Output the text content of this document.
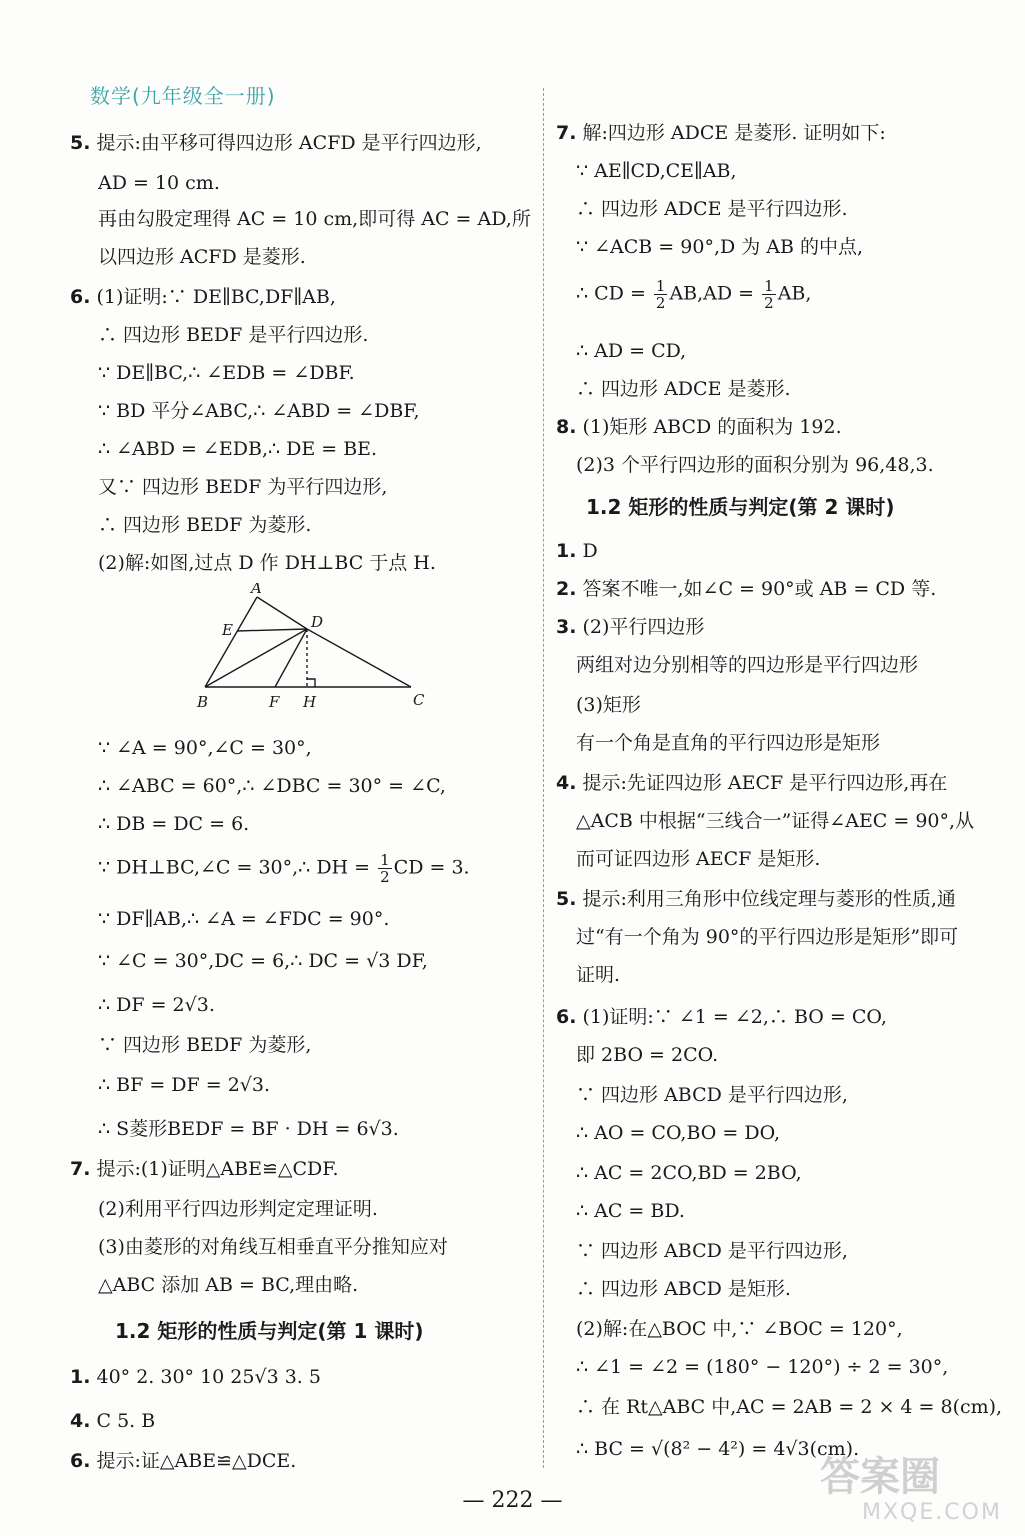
数学(九年级全一册)
∵ DH⊥BC,∠C = 30°,∴ DH = $\frac{1}{2}$ CD = 3.
1.2 矩形的性质与判定(第 1 课时)
5. 提示:由平移可得四边形 ACFD 是平行四边形,
AD = 10 cm.
再由勾股定理得 AC = 10 cm,即可得 AC = AD,所
以四边形 ACFD 是菱形.
6. (1)证明:∵ DE∥BC,DF∥AB,
∴ 四边形 BEDF 是平行四边形.
∵ DE∥BC,∴ ∠EDB = ∠DBF.
∵ BD 平分∠ABC,∴ ∠ABD = ∠DBF,
∴ ∠ABD = ∠EDB,∴ DE = BE.
又∵ 四边形 BEDF 为平行四边形,
∴ 四边形 BEDF 为菱形.
(2)解:如图,过点 D 作 DH⊥BC 于点 H.
∵ ∠A = 90°,∠C = 30°,
∴ ∠ABC = 60°,∴ ∠DBC = 30° = ∠C,
∴ DB = DC = 6.
∵ DF∥AB,∴ ∠A = ∠FDC = 90°.
∵ ∠C = 30°,DC = 6,∴ DC = √3 DF,
∴ DF = 2√3.
∵ 四边形 BEDF 为菱形,
∴ BF = DF = 2√3.
∴ S菱形BEDF = BF · DH = 6√3.
7. 提示:(1)证明△ABE≌△CDF.
(2)利用平行四边形判定定理证明.
(3)由菱形的对角线互相垂直平分推知应对
△ABC 添加 AB = BC,理由略.
1. 40° 2. 30° 10 25√3 3. 5
4. C 5. B
6. 提示:证△ABE≌△DCE.
∴ CD = $\frac{1}{2} AB,AD = \frac{1}{2}$ AB,
1.2 矩形的性质与判定(第 2 课时)
7. 解:四边形 ADCE 是菱形. 证明如下:
∵ AE∥CD,CE∥AB,
∴ 四边形 ADCE 是平行四边形.
∵ ∠ACB = 90°,D 为 AB 的中点,
∴ AD = CD,
∴ 四边形 ADCE 是菱形.
8. (1)矩形 ABCD 的面积为 192.
(2)3 个平行四边形的面积分别为 96,48,3.
1. D
2. 答案不唯一,如∠C = 90°或 AB = CD 等.
3. (2)平行四边形
两组对边分别相等的四边形是平行四边形
(3)矩形
有一个角是直角的平行四边形是矩形
4. 提示:先证四边形 AECF 是平行四边形,再在
△ACB 中根据“三线合一”证得∠AEC = 90°,从
而可证四边形 AECF 是矩形.
5. 提示:利用三角形中位线定理与菱形的性质,通
过“有一个角为 90°的平行四边形是矩形”即可
证明.
6. (1)证明:∵ ∠1 = ∠2,∴ BO = CO,
即 2BO = 2CO.
∵ 四边形 ABCD 是平行四边形,
∴ AO = CO,BO = DO,
∴ AC = 2CO,BD = 2BO,
∴ AC = BD.
∵ 四边形 ABCD 是平行四边形,
∴ 四边形 ABCD 是矩形.
(2)解:在△BOC 中,∵ ∠BOC = 120°,
∴ ∠1 = ∠2 = (180° − 120°) ÷ 2 = 30°,
∴ 在 Rt△ABC 中,AC = 2AB = 2 × 4 = 8(cm),
∴ BC = √(8² − 4²) = 4√3(cm).
A
E	D
B	F H	C
— 222 —
答案圈
MXQE.COM
